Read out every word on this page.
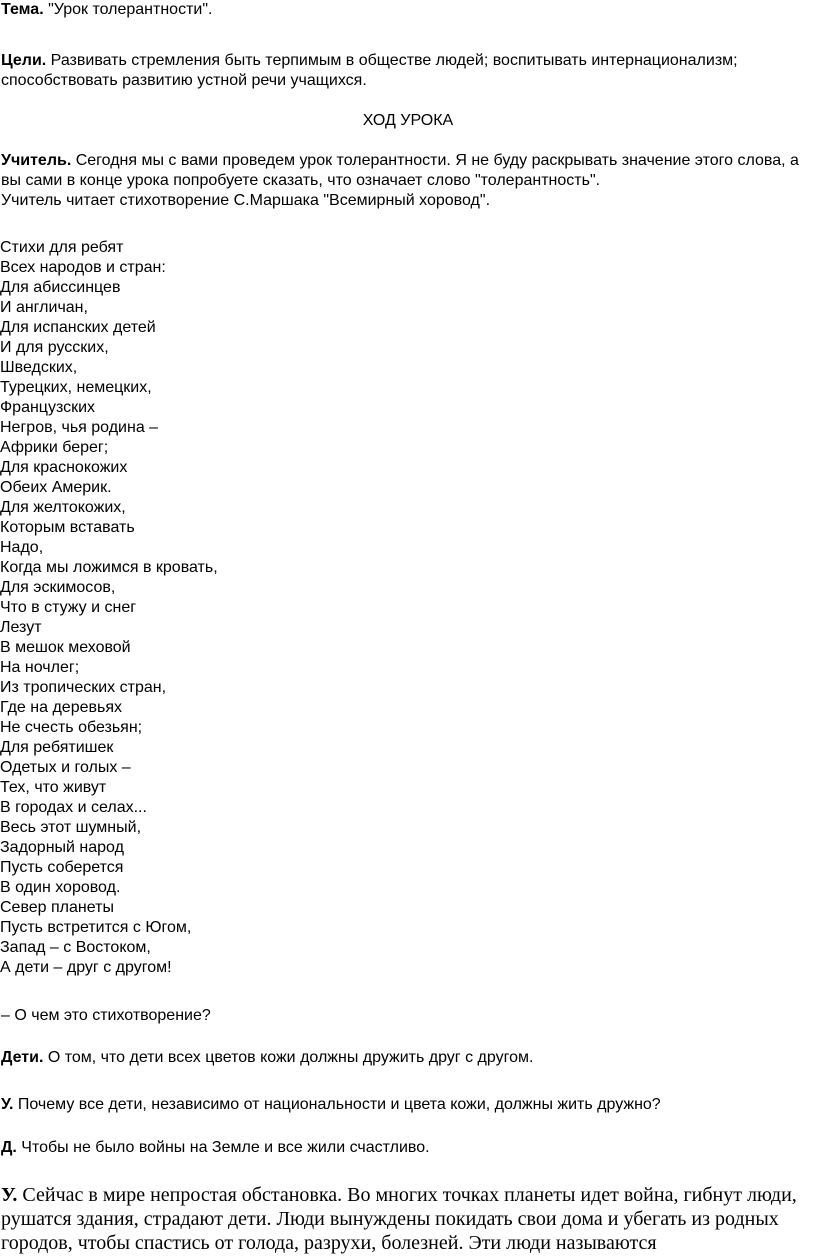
Тема. "Урок толерантности".

Цели. Развивать стремления быть терпимым в обществе людей; воспитывать интернационализм; способствовать развитию устной речи учащихся.

ХОД УРОКА

Учитель. Сегодня мы с вами проведем урок толерантности. Я не буду раскрывать значение этого слова, а вы сами в конце урока попробуете сказать, что означает слово "толерантность".

Учитель читает стихотворение С.Маршака "Всемирный хоровод".

Стихи для ребят
Всех народов и стран:
Для абиссинцев
И англичан,
Для испанских детей
И для русских,
Шведских,
Турецких, немецких,
Французских
Негров, чья родина –
Африки берег;
Для краснокожих
Обеих Америк.
Для желтокожих,
Которым вставать
Надо,
Когда мы ложимся в кровать,
Для эскимосов,
Что в стужу и снег
Лезут
В мешок меховой
На ночлег;
Из тропических стран,
Где на деревьях
Не счесть обезьян;
Для ребятишек
Одетых и голых –
Тех, что живут
В городах и селах...
Весь этот шумный,
Задорный народ
Пусть соберется
В один хоровод.
Север планеты
Пусть встретится с Югом,
Запад – с Востоком,
А дети – друг с другом!

– О чем это стихотворение?

Дети. О том, что дети всех цветов кожи должны дружить друг с другом.

У. Почему все дети, независимо от национальности и цвета кожи, должны жить дружно?

Д. Чтобы не было войны на Земле и все жили счастливо.

У. Сейчас в мире непростая обстановка. Во многих точках планеты идет война, гибнут люди, рушатся здания, страдают дети. Люди вынуждены покидать свои дома и убегать из родных городов, чтобы спастись от голода, разрухи, болезней. Эти люди называются
